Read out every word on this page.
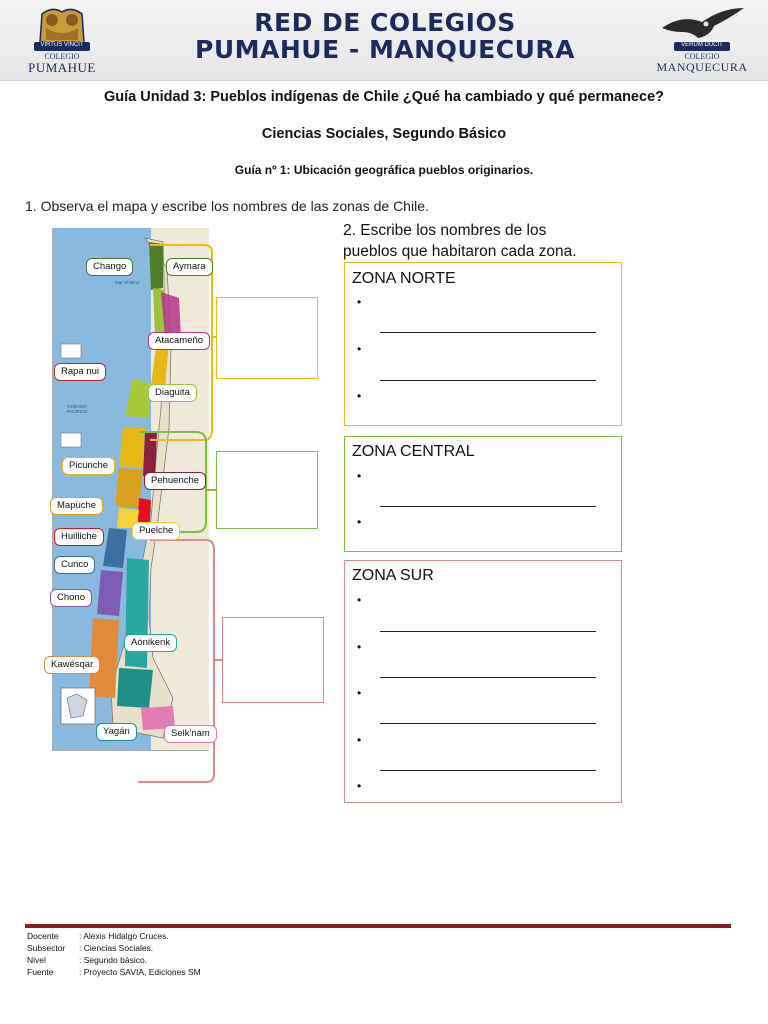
VIRTUS VINCIT
COLEGIO
PUMAHUE
RED DE COLEGIOS
PUMAHUE - MANQUECURA	VERUM DUCIT
COLEGIO
MANQUECURA
Guía Unidad 3: Pueblos indígenas de Chile ¿Qué ha cambiado y qué permanece?
Ciencias Sociales, Segundo Básico
Guía nº 1: Ubicación geográfica pueblos originarios.
1. Observa el mapa y escribe los nombres de las zonas de Chile.
2. Escribe los nombres de los
pueblos que habitaron cada zona.
OCÉANO PACÍFICO
Mar Chileno
Chango	Aymara
Atacameño
Rapa nui
Diaguita
Picunche
Pehuenche
Mapuche
Puelche
Huilliche
Cunco
Chono
Aónikenk
Kawésqar
Yagán	Selk'nam
ZONA NORTE
•
•
•
ZONA CENTRAL
•
•
ZONA SUR
•
•
•
•
•
Docente : Alexis Hidalgo Cruces.
Subsector : Ciencias Sociales.
Nivel	: Segundo básico.
Fuente	: Proyecto SAVIA, Ediciones SM
